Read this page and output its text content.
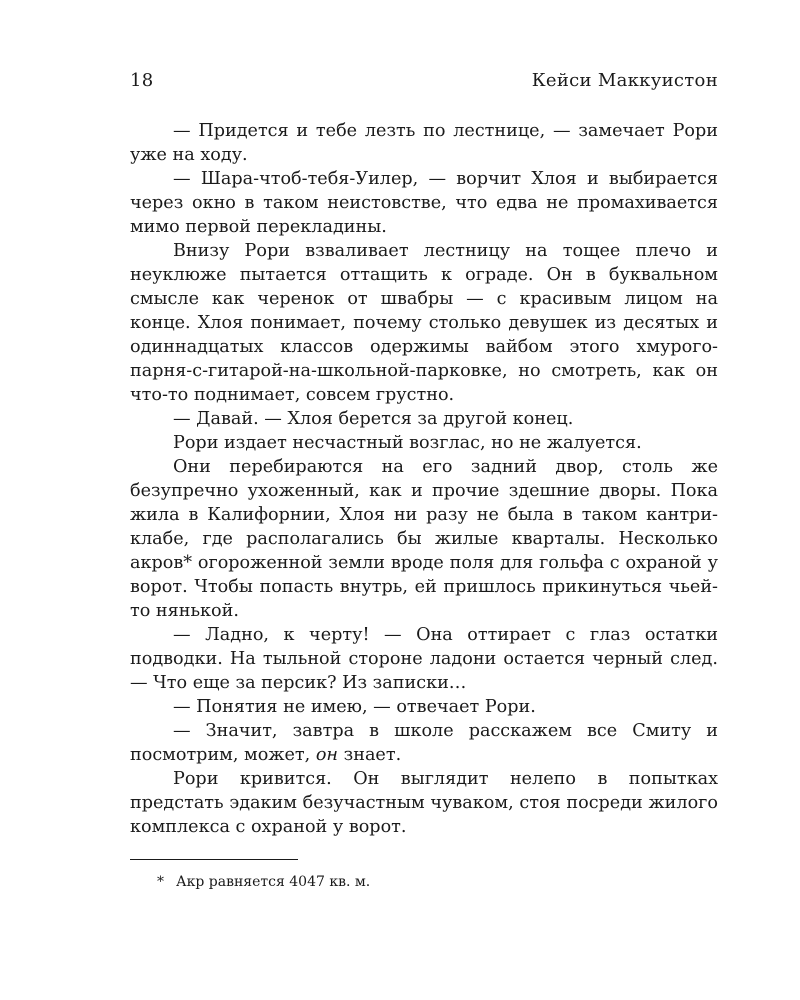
18	Кейси Маккуистон

— Придется и тебе лезть по лестнице, — замечает Рори уже на ходу.

— Шара-чтоб-тебя-Уилер, — ворчит Хлоя и выбирается через окно в таком неистовстве, что едва не промахивается мимо первой перекладины.

Внизу Рори взваливает лестницу на тощее плечо и неуклюже пытается оттащить к ограде. Он в буквальном смысле как черенок от швабры — с красивым лицом на конце. Хлоя понимает, почему столько девушек из десятых и одиннадцатых классов одержимы вайбом этого хмурого-парня-с-гитарой-на-школьной-парковке, но смотреть, как он что-то поднимает, совсем грустно.

— Давай. — Хлоя берется за другой конец.

Рори издает несчастный возглас, но не жалуется.

Они перебираются на его задний двор, столь же безупречно ухоженный, как и прочие здешние дворы. Пока жила в Калифорнии, Хлоя ни разу не была в таком кантри-клабе, где располагались бы жилые кварталы. Несколько акров* огороженной земли вроде поля для гольфа с охраной у ворот. Чтобы попасть внутрь, ей пришлось прикинуться чьей-то нянькой.

— Ладно, к черту! — Она оттирает с глаз остатки подводки. На тыльной стороне ладони остается черный след. — Что еще за персик? Из записки…

— Понятия не имею, — отвечает Рори.

— Значит, завтра в школе расскажем все Смиту и посмотрим, может, он знает.

Рори кривится. Он выглядит нелепо в попытках предстать эдаким безучастным чуваком, стоя посреди жилого комплекса с охраной у ворот.

* Акр равняется 4047 кв. м.
